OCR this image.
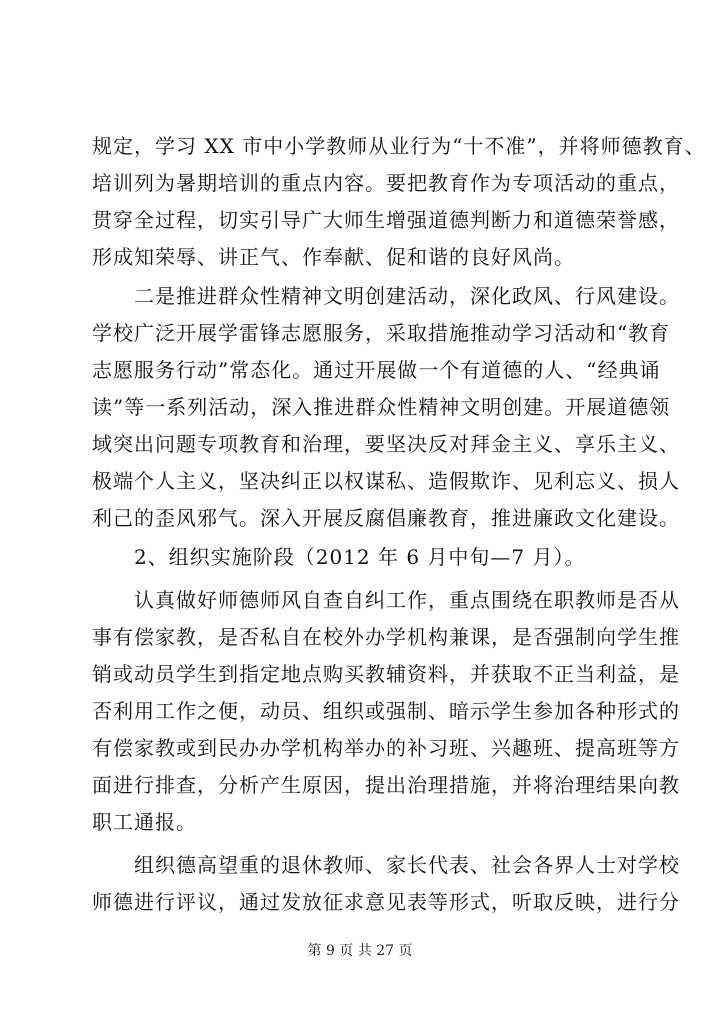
规定，学习 XX 市中小学教师从业行为“十不准”，并将师德教育、
培训列为暑期培训的重点内容。要把教育作为专项活动的重点，
贯穿全过程，切实引导广大师生增强道德判断力和道德荣誉感，
形成知荣辱、讲正气、作奉献、促和谐的良好风尚。
　　二是推进群众性精神文明创建活动，深化政风、行风建设。
学校广泛开展学雷锋志愿服务，采取措施推动学习活动和“教育
志愿服务行动”常态化。通过开展做一个有道德的人、“经典诵
读”等一系列活动，深入推进群众性精神文明创建。开展道德领
域突出问题专项教育和治理，要坚决反对拜金主义、享乐主义、
极端个人主义，坚决纠正以权谋私、造假欺诈、见利忘义、损人
利己的歪风邪气。深入开展反腐倡廉教育，推进廉政文化建设。
　　2、组织实施阶段（2012 年 6 月中旬—7 月）。
　　认真做好师德师风自查自纠工作，重点围绕在职教师是否从
事有偿家教，是否私自在校外办学机构兼课，是否强制向学生推
销或动员学生到指定地点购买教辅资料，并获取不正当利益，是
否利用工作之便，动员、组织或强制、暗示学生参加各种形式的
有偿家教或到民办办学机构举办的补习班、兴趣班、提高班等方
面进行排查，分析产生原因，提出治理措施，并将治理结果向教
职工通报。
　　组织德高望重的退休教师、家长代表、社会各界人士对学校
师德进行评议，通过发放征求意见表等形式，听取反映，进行分
第 9 页 共 27 页
